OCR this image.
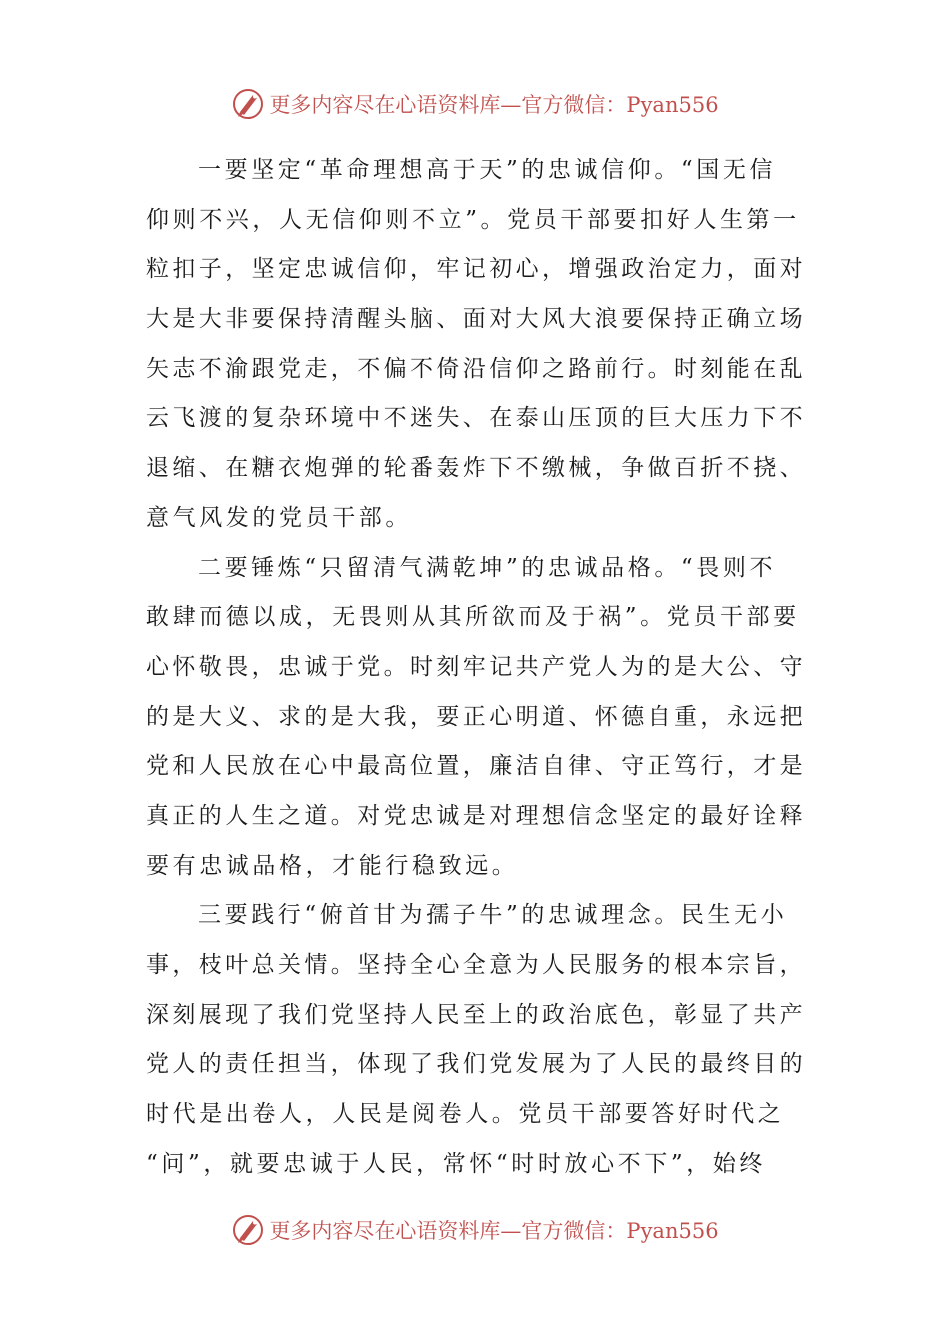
更多内容尽在心语资料库—官方微信：Pyan556
一要坚定“革命理想高于天”的忠诚信仰。“国无信
仰则不兴，人无信仰则不立”。党员干部要扣好人生第一
粒扣子，坚定忠诚信仰，牢记初心，增强政治定力，面对
大是大非要保持清醒头脑、面对大风大浪要保持正确立场
矢志不渝跟党走，不偏不倚沿信仰之路前行。时刻能在乱
云飞渡的复杂环境中不迷失、在泰山压顶的巨大压力下不
退缩、在糖衣炮弹的轮番轰炸下不缴械，争做百折不挠、
意气风发的党员干部。
二要锤炼“只留清气满乾坤”的忠诚品格。“畏则不
敢肆而德以成，无畏则从其所欲而及于祸”。党员干部要
心怀敬畏，忠诚于党。时刻牢记共产党人为的是大公、守
的是大义、求的是大我，要正心明道、怀德自重，永远把
党和人民放在心中最高位置，廉洁自律、守正笃行，才是
真正的人生之道。对党忠诚是对理想信念坚定的最好诠释
要有忠诚品格，才能行稳致远。
三要践行“俯首甘为孺子牛”的忠诚理念。民生无小
事，枝叶总关情。坚持全心全意为人民服务的根本宗旨，
深刻展现了我们党坚持人民至上的政治底色，彰显了共产
党人的责任担当，体现了我们党发展为了人民的最终目的
时代是出卷人，人民是阅卷人。党员干部要答好时代之
“问”，就要忠诚于人民，常怀“时时放心不下”，始终
更多内容尽在心语资料库—官方微信：Pyan556
